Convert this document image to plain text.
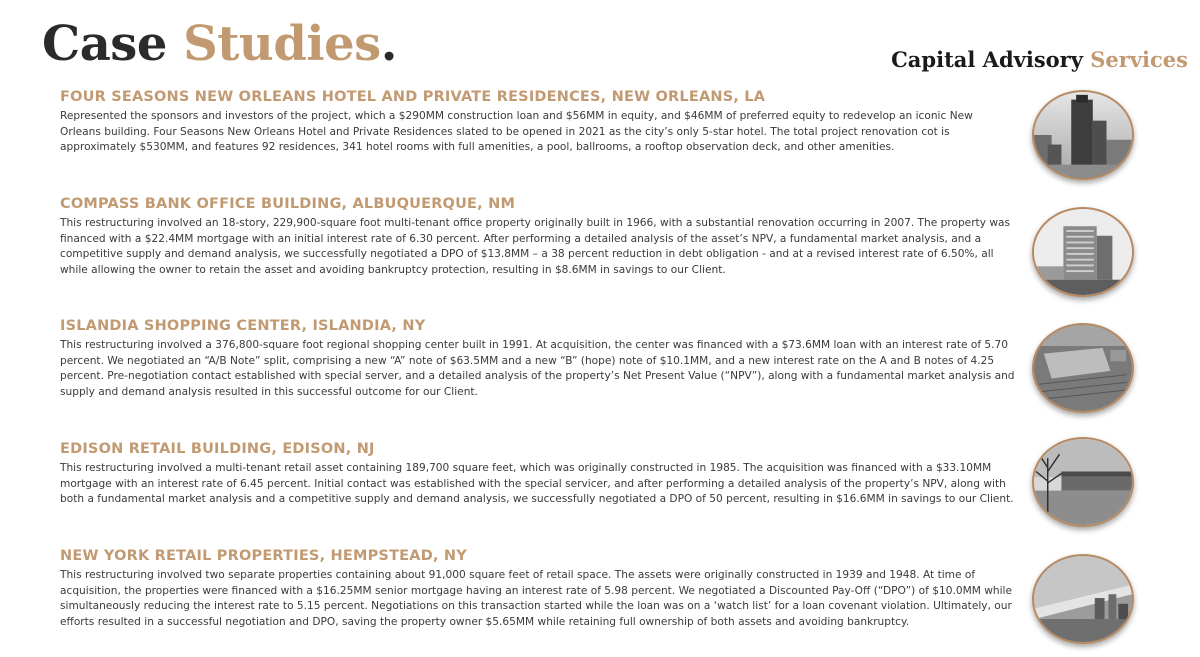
Case Studies.	Capital Advisory Services
FOUR SEASONS NEW ORLEANS HOTEL AND PRIVATE RESIDENCES, NEW ORLEANS, LA

Represented the sponsors and investors of the project, which a $290MM construction loan and $56MM in equity, and $46MM of preferred equity to redevelop an iconic New Orleans building. Four Seasons New Orleans Hotel and Private Residences slated to be opened in 2021 as the city’s only 5-star hotel. The total project renovation cot is approximately $530MM, and features 92 residences, 341 hotel rooms with full amenities, a pool, ballrooms, a rooftop observation deck, and other amenities.

COMPASS BANK OFFICE BUILDING, ALBUQUERQUE, NM

This restructuring involved an 18-story, 229,900-square foot multi-tenant office property originally built in 1966, with a substantial renovation occurring in 2007. The property was financed with a $22.4MM mortgage with an initial interest rate of 6.30 percent. After performing a detailed analysis of the asset’s NPV, a fundamental market analysis, and a competitive supply and demand analysis, we successfully negotiated a DPO of $13.8MM – a 38 percent reduction in debt obligation - and at a revised interest rate of 6.50%, all while allowing the owner to retain the asset and avoiding bankruptcy protection, resulting in $8.6MM in savings to our Client.

ISLANDIA SHOPPING CENTER, ISLANDIA, NY

This restructuring involved a 376,800-square foot regional shopping center built in 1991. At acquisition, the center was financed with a $73.6MM loan with an interest rate of 5.70 percent. We negotiated an “A/B Note” split, comprising a new “A” note of $63.5MM and a new “B” (hope) note of $10.1MM, and a new interest rate on the A and B notes of 4.25 percent. Pre-negotiation contact established with special server, and a detailed analysis of the property’s Net Present Value (“NPV”), along with a fundamental market analysis and supply and demand analysis resulted in this successful outcome for our Client.

EDISON RETAIL BUILDING, EDISON, NJ

This restructuring involved a multi-tenant retail asset containing 189,700 square feet, which was originally constructed in 1985. The acquisition was financed with a $33.10MM mortgage with an interest rate of 6.45 percent. Initial contact was established with the special servicer, and after performing a detailed analysis of the property’s NPV, along with both a fundamental market analysis and a competitive supply and demand analysis, we successfully negotiated a DPO of 50 percent, resulting in $16.6MM in savings to our Client.

NEW YORK RETAIL PROPERTIES, HEMPSTEAD, NY

This restructuring involved two separate properties containing about 91,000 square feet of retail space. The assets were originally constructed in 1939 and 1948. At time of acquisition, the properties were financed with a $16.25MM senior mortgage having an interest rate of 5.98 percent. We negotiated a Discounted Pay-Off (“DPO”) of $10.0MM while simultaneously reducing the interest rate to 5.15 percent. Negotiations on this transaction started while the loan was on a ‘watch list’ for a loan covenant violation. Ultimately, our efforts resulted in a successful negotiation and DPO, saving the property owner $5.65MM while retaining full ownership of both assets and avoiding bankruptcy.
